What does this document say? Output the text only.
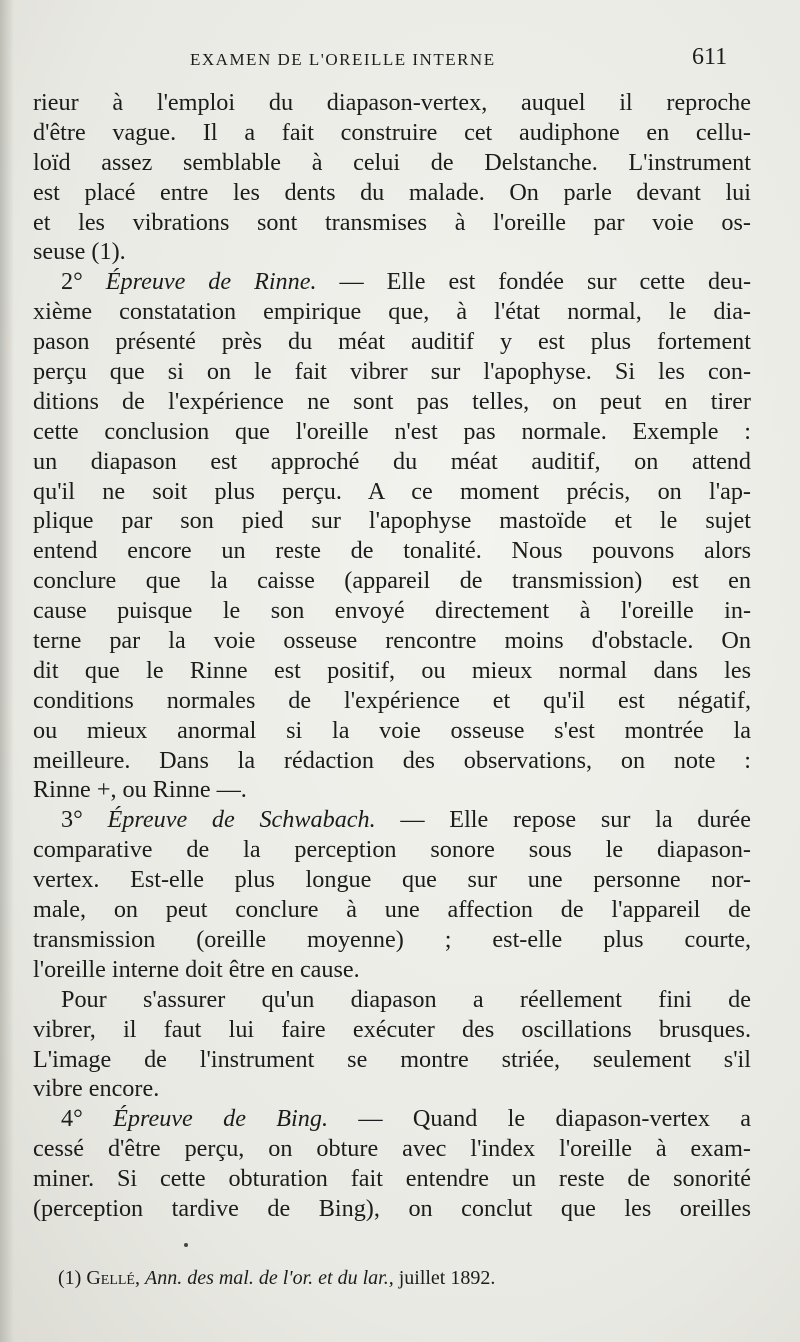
EXAMEN DE L'OREILLE INTERNE	611
rieur à l'emploi du diapason-vertex, auquel il reproche
d'être vague. Il a fait construire cet audiphone en cellu-
loïd assez semblable à celui de Delstanche. L'instrument
est placé entre les dents du malade. On parle devant lui
et les vibrations sont transmises à l'oreille par voie os-
seuse (1).
2° Épreuve de Rinne. — Elle est fondée sur cette deu-
xième constatation empirique que, à l'état normal, le dia-
pason présenté près du méat auditif y est plus fortement
perçu que si on le fait vibrer sur l'apophyse. Si les con-
ditions de l'expérience ne sont pas telles, on peut en tirer
cette conclusion que l'oreille n'est pas normale. Exemple :
un diapason est approché du méat auditif, on attend
qu'il ne soit plus perçu. A ce moment précis, on l'ap-
plique par son pied sur l'apophyse mastoïde et le sujet
entend encore un reste de tonalité. Nous pouvons alors
conclure que la caisse (appareil de transmission) est en
cause puisque le son envoyé directement à l'oreille in-
terne par la voie osseuse rencontre moins d'obstacle. On
dit que le Rinne est positif, ou mieux normal dans les
conditions normales de l'expérience et qu'il est négatif,
ou mieux anormal si la voie osseuse s'est montrée la
meilleure. Dans la rédaction des observations, on note :
Rinne +, ou Rinne —.
3° Épreuve de Schwabach. — Elle repose sur la durée
comparative de la perception sonore sous le diapason-
vertex. Est-elle plus longue que sur une personne nor-
male, on peut conclure à une affection de l'appareil de
transmission (oreille moyenne) ; est-elle plus courte,
l'oreille interne doit être en cause.
Pour s'assurer qu'un diapason a réellement fini de
vibrer, il faut lui faire exécuter des oscillations brusques.
L'image de l'instrument se montre striée, seulement s'il
vibre encore.
4° Épreuve de Bing. — Quand le diapason-vertex a
cessé d'être perçu, on obture avec l'index l'oreille à exam-
miner. Si cette obturation fait entendre un reste de sonorité
(perception tardive de Bing), on conclut que les oreilles
(1) Gellé, Ann. des mal. de l'or. et du lar., juillet 1892.
